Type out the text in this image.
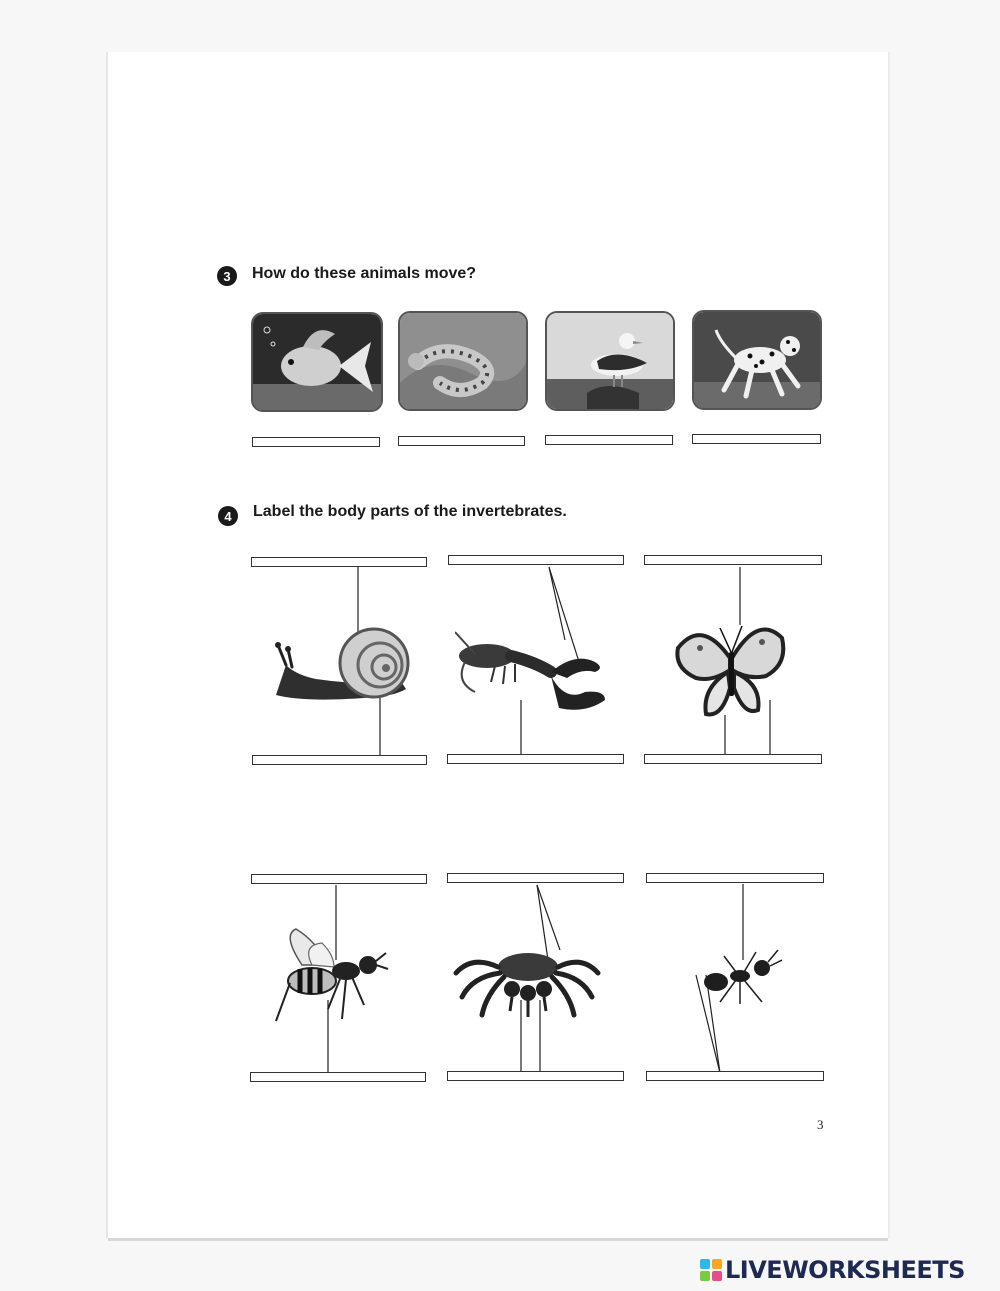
3	How do these animals move?
4	Label the body parts of the invertebrates.
3
LIVEWORKSHEETS
